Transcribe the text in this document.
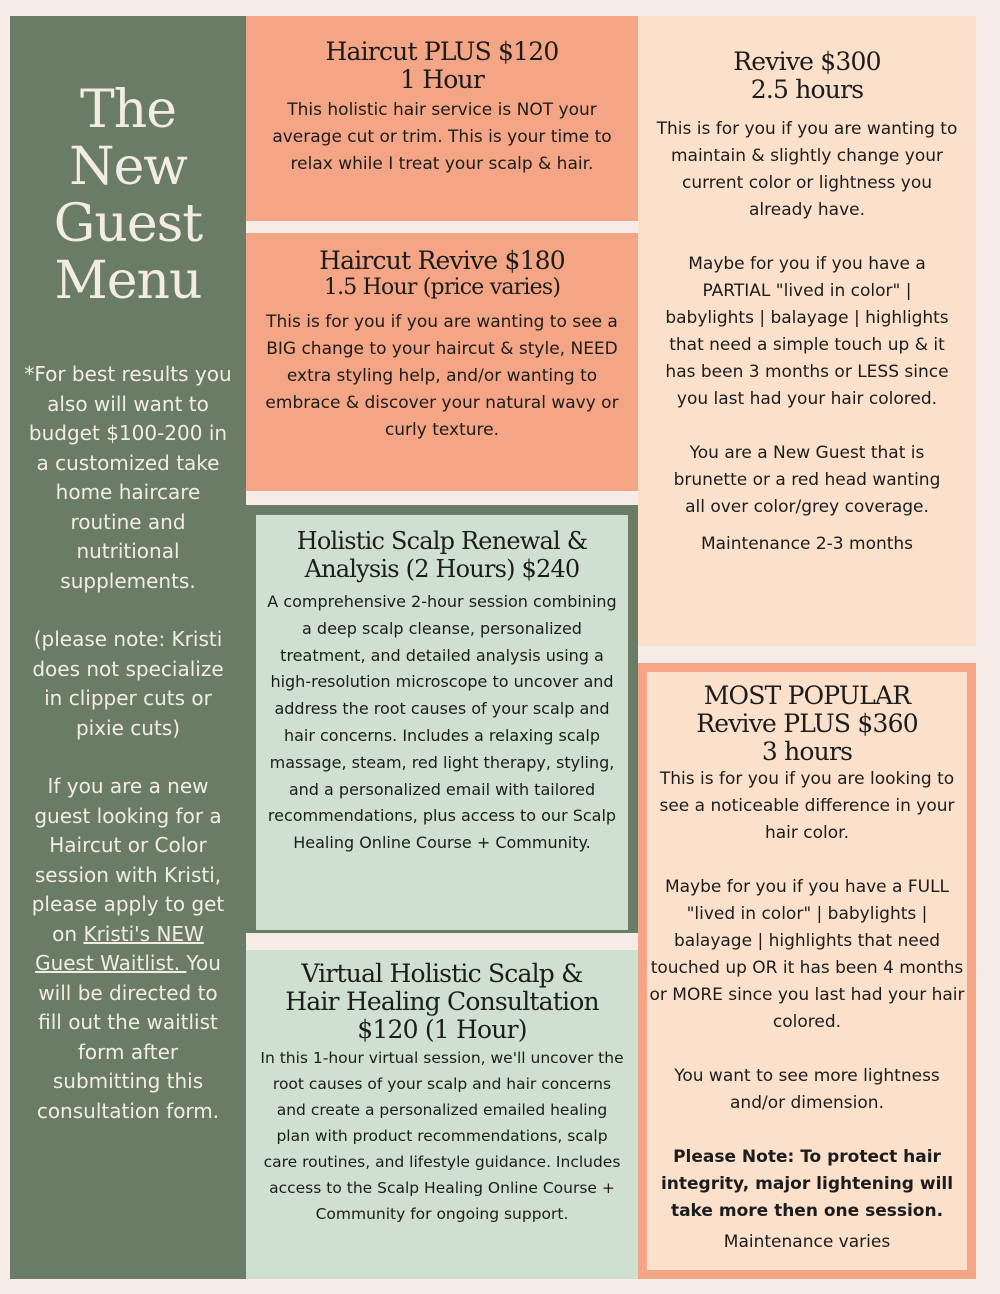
The
New
Guest
Menu

*For best results you also will want to budget $100-200 in a customized take home haircare routine and nutritional supplements.

(please note: Kristi does not specialize in clipper cuts or pixie cuts)

If you are a new guest looking for a Haircut or Color session with Kristi, please apply to get on Kristi's NEW Guest Waitlist. You will be directed to fill out the waitlist form after submitting this consultation form.

Haircut PLUS $120
1 Hour

This holistic hair service is NOT your average cut or trim. This is your time to relax while I treat your scalp & hair.

Haircut Revive $180
1.5 Hour (price varies)

This is for you if you are wanting to see a BIG change to your haircut & style, NEED extra styling help, and/or wanting to embrace & discover your natural wavy or curly texture.

Holistic Scalp Renewal &
Analysis (2 Hours) $240

A comprehensive 2-hour session combining a deep scalp cleanse, personalized treatment, and detailed analysis using a high-resolution microscope to uncover and address the root causes of your scalp and hair concerns. Includes a relaxing scalp massage, steam, red light therapy, styling, and a personalized email with tailored recommendations, plus access to our Scalp Healing Online Course + Community.

Virtual Holistic Scalp &
Hair Healing Consultation
$120 (1 Hour)

In this 1-hour virtual session, we'll uncover the root causes of your scalp and hair concerns and create a personalized emailed healing plan with product recommendations, scalp care routines, and lifestyle guidance. Includes access to the Scalp Healing Online Course + Community for ongoing support.

Revive $300
2.5 hours

This is for you if you are wanting to maintain & slightly change your current color or lightness you already have.

Maybe for you if you have a PARTIAL "lived in color" | babylights | balayage | highlights that need a simple touch up & it has been 3 months or LESS since you last had your hair colored.

You are a New Guest that is brunette or a red head wanting all over color/grey coverage.

Maintenance 2-3 months

MOST POPULAR
Revive PLUS $360
3 hours

This is for you if you are looking to see a noticeable difference in your hair color.

Maybe for you if you have a FULL "lived in color" | babylights | balayage | highlights that need touched up OR it has been 4 months or MORE since you last had your hair colored.

You want to see more lightness and/or dimension.

Please Note: To protect hair integrity, major lightening will take more then one session.

Maintenance varies
